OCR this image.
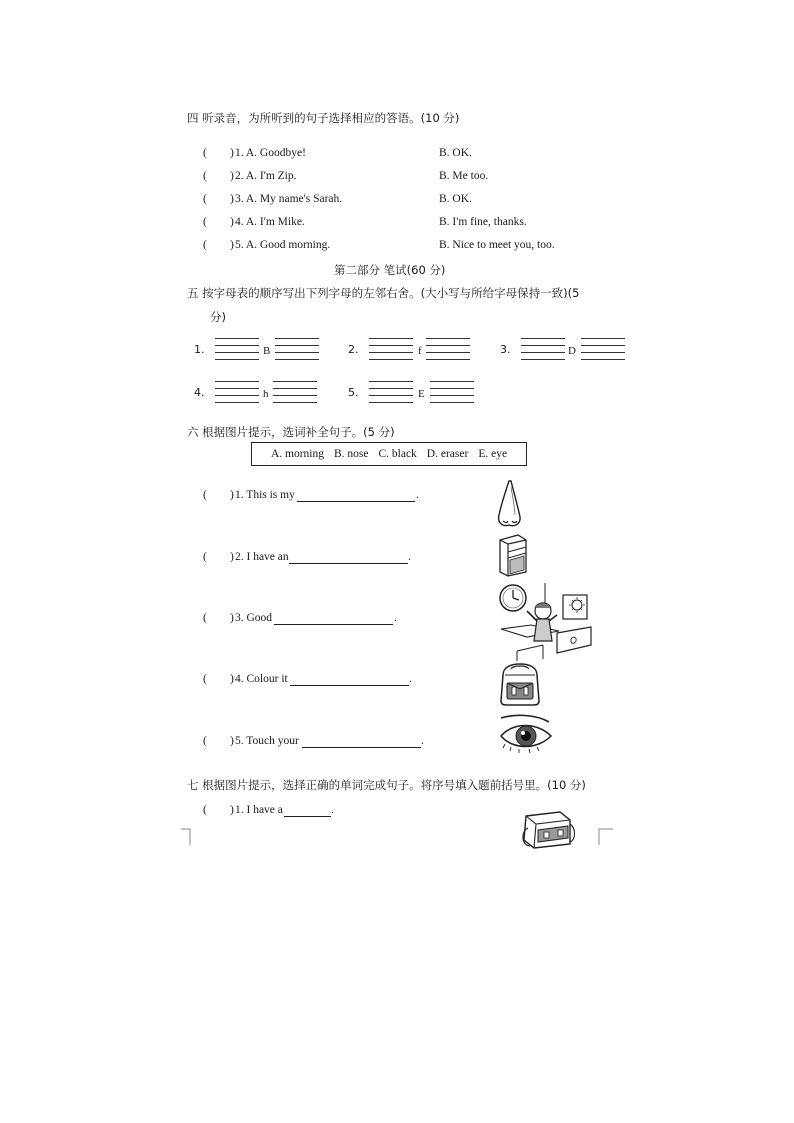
四 听录音，为所听到的句子选择相应的答语。(10 分)
( ) 1. A. Goodbye!	B. OK.
( ) 2. A. I'm Zip.	B. Me too.
( ) 3. A. My name's Sarah.	B. OK.
( ) 4. A. I'm Mike.	B. I'm fine, thanks.
( ) 5. A. Good morning.	B. Nice to meet you, too.
第二部分 笔试(60 分)
五 按字母表的顺序写出下列字母的左邻右舍。(大小写与所给字母保持一致)(5
分)
1.	B	2.	f	3.	D
4.	h	5.	E
六 根据图片提示，选词补全句子。(5 分)
A. morning B. nose C. black D. eraser E. eye
( ) 1. This is my	.
( ) 2. I have an	.
( ) 3. Good	.
( ) 4. Colour it	.
( ) 5. Touch your	.
七 根据图片提示，选择正确的单词完成句子。将序号填入题前括号里。(10 分)
( ) 1. I have a	.
